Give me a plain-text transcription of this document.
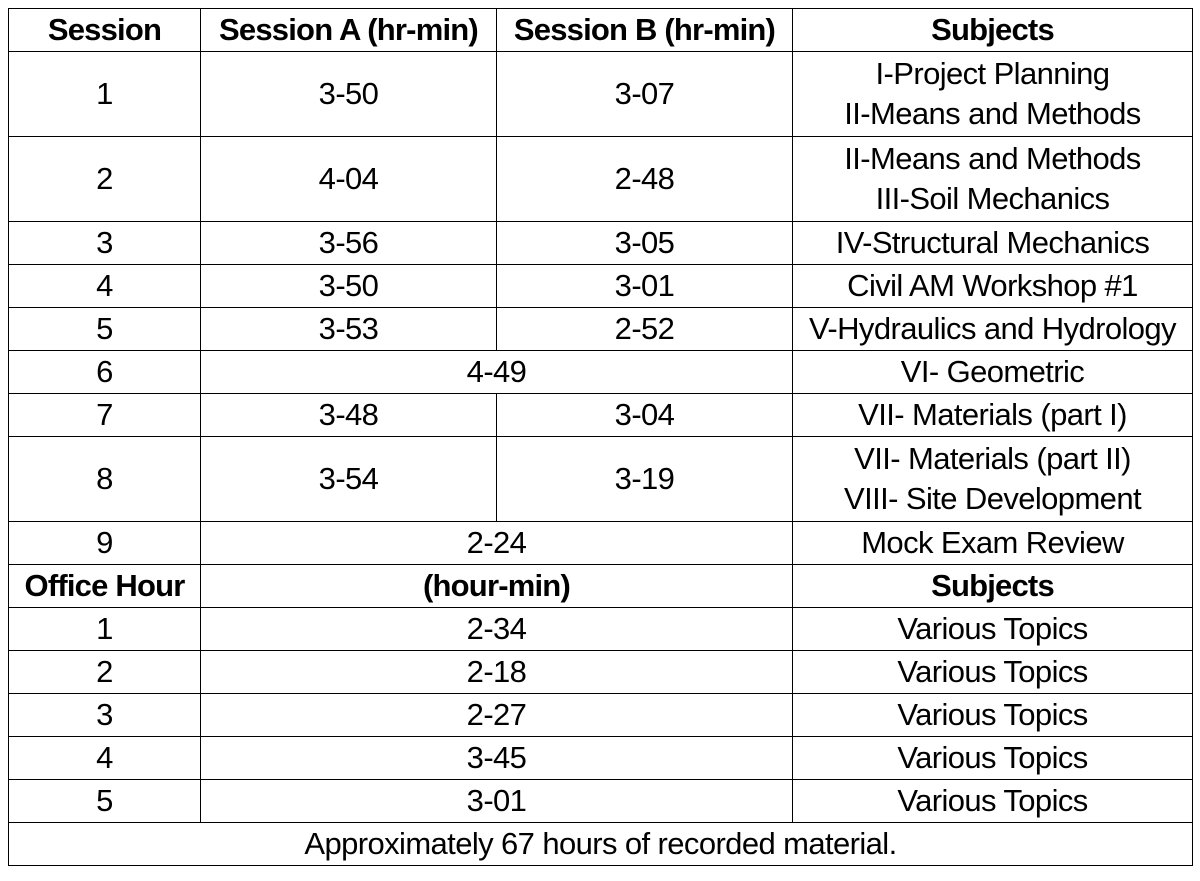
Session	Session A (hr-min)	Session B (hr-min)	Subjects
1	3-50	3-07	I-Project Planning
II-Means and Methods

2	4-04	2-48	II-Means and Methods
III-Soil Mechanics

3	3-56	3-05	IV-Structural Mechanics
4	3-50	3-01	Civil AM Workshop #1
5	3-53	2-52	V-Hydraulics and Hydrology
6	4-49		VI- Geometric
7	3-48	3-04	VII- Materials (part I)
8	3-54	3-19	VII- Materials (part II)
VIII- Site Development

9	2-24		Mock Exam Review
Office Hour	(hour-min)		Subjects
1	2-34		Various Topics
2	2-18		Various Topics
3	2-27		Various Topics
4	3-45		Various Topics
5	3-01		Various Topics
Approximately 67 hours of recorded material.			
